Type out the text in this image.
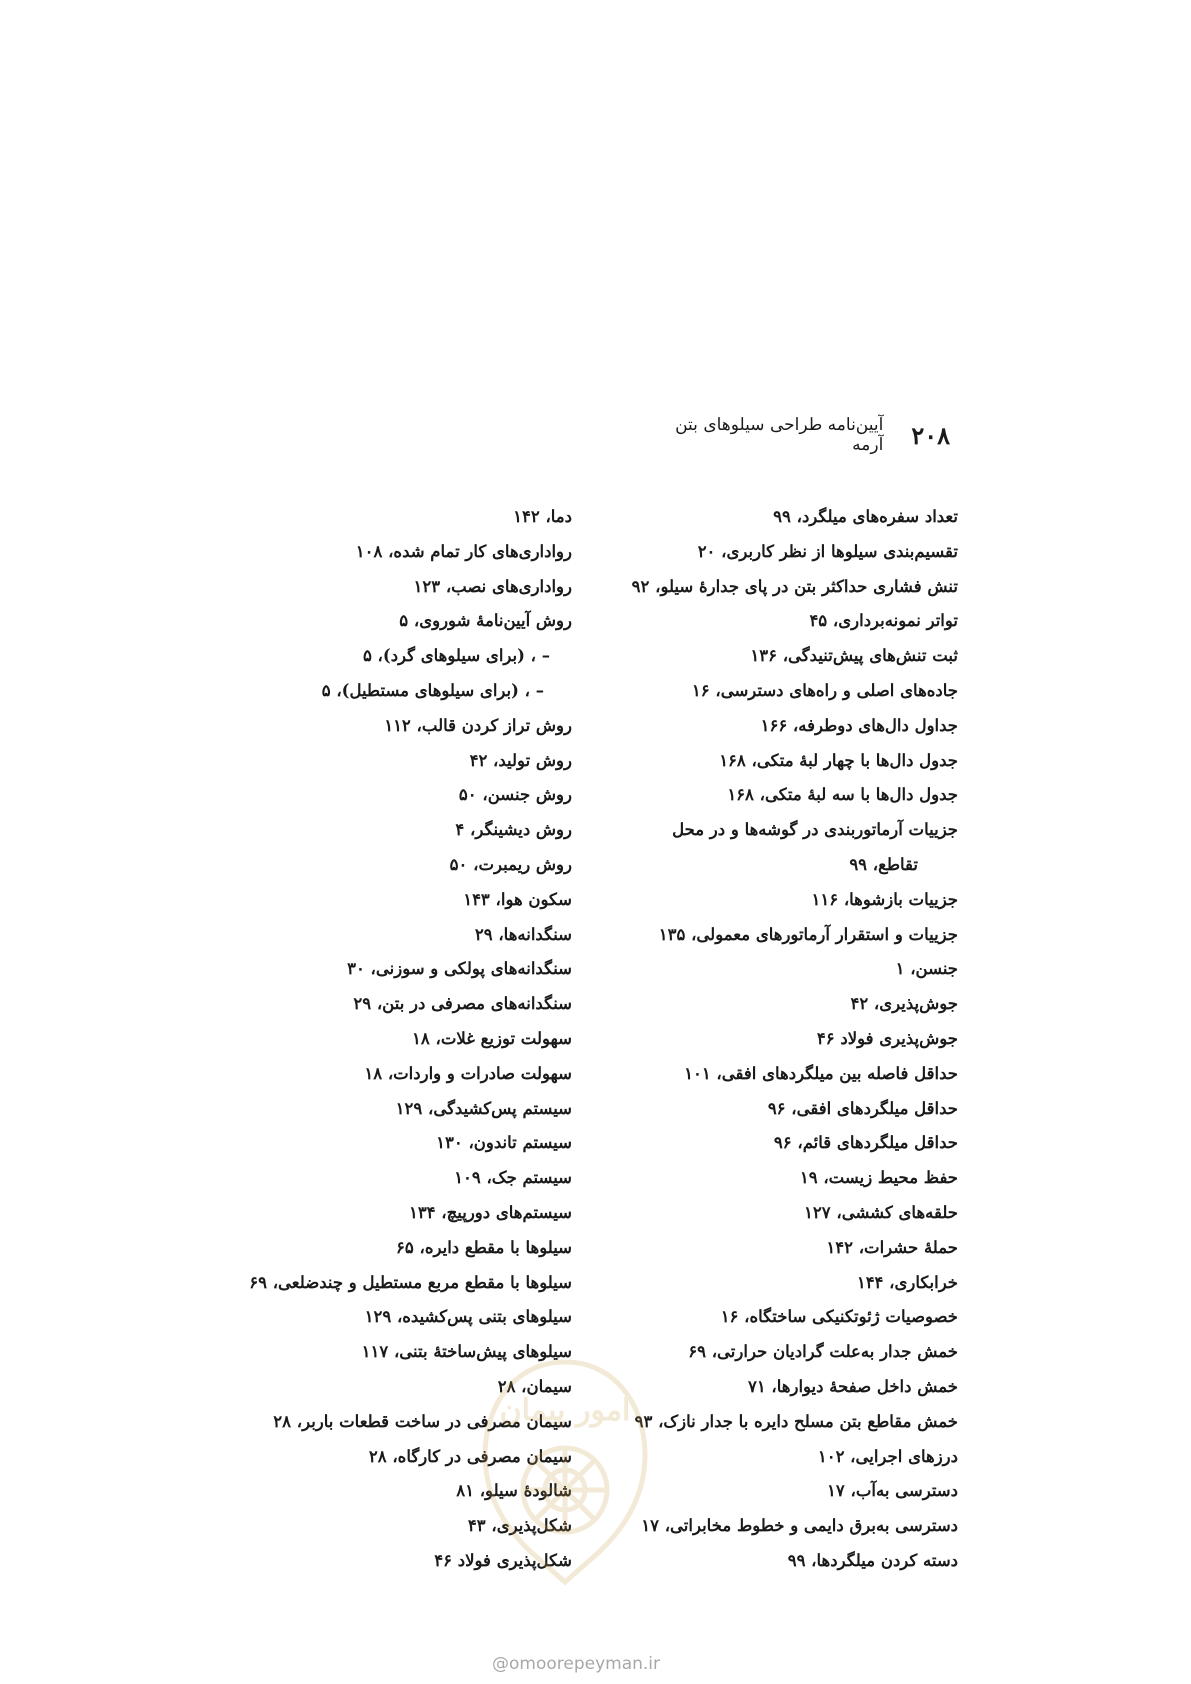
۲۰۸
آیین‌نامه طراحی سیلوهای بتن آرمه
تعداد سفره‌های میلگرد، ۹۹
تقسیم‌بندی سیلوها از نظر کاربری، ۲۰
تنش فشاری حداکثر بتن در پای جدارهٔ سیلو، ۹۲
تواتر نمونه‌برداری، ۴۵
ثبت تنش‌های پیش‌تنیدگی، ۱۳۶
جاده‌های اصلی و راه‌های دسترسی، ۱۶
جداول دال‌های دوطرفه، ۱۶۶
جدول دال‌ها با چهار لبهٔ متکی، ۱۶۸
جدول دال‌ها با سه لبهٔ متکی، ۱۶۸
جزییات آرماتوربندی در گوشه‌ها و در محل
تقاطع، ۹۹
جزییات بازشوها، ۱۱۶
جزییات و استقرار آرماتورهای معمولی، ۱۳۵
جنسن، ۱
جوش‌پذیری، ۴۲
جوش‌پذیری فولاد ۴۶
حداقل فاصله بین میلگردهای افقی، ۱۰۱
حداقل میلگردهای افقی، ۹۶
حداقل میلگردهای قائم، ۹۶
حفظ محیط زیست، ۱۹
حلقه‌های کششی، ۱۲۷
حملهٔ حشرات، ۱۴۲
خرابکاری، ۱۴۴
خصوصیات ژئوتکنیکی ساختگاه، ۱۶
خمش جدار به‌علت گرادیان حرارتی، ۶۹
خمش داخل صفحهٔ دیوارها، ۷۱
خمش مقاطع بتن مسلح دایره با جدار نازک، ۹۳
درزهای اجرایی، ۱۰۲
دسترسی به‌آب، ۱۷
دسترسی به‌برق دایمی و خطوط مخابراتی، ۱۷
دسته کردن میلگردها، ۹۹
دما، ۱۴۲
رواداری‌های کار تمام شده، ۱۰۸
رواداری‌های نصب، ۱۲۳
روش آیین‌نامهٔ شوروی، ۵
– ، (برای سیلوهای گرد)، ۵
– ، (برای سیلوهای مستطیل)، ۵
روش تراز کردن قالب، ۱۱۲
روش تولید، ۴۲
روش جنسن، ۵۰
روش دیشینگر، ۴
روش ریمبرت، ۵۰
سکون هوا، ۱۴۳
سنگدانه‌ها، ۲۹
سنگدانه‌های پولکی و سوزنی، ۳۰
سنگدانه‌های مصرفی در بتن، ۲۹
سهولت توزیع غلات، ۱۸
سهولت صادرات و واردات، ۱۸
سیستم پس‌کشیدگی، ۱۲۹
سیستم تاندون، ۱۳۰
سیستم جک، ۱۰۹
سیستم‌های دورپیچ، ۱۳۴
سیلوها با مقطع دایره، ۶۵
سیلوها با مقطع مربع مستطیل و چندضلعی، ۶۹
سیلوهای بتنی پس‌کشیده، ۱۲۹
سیلوهای پیش‌ساختهٔ بتنی، ۱۱۷
سیمان، ۲۸
سیمان مصرفی در ساخت قطعات باربر، ۲۸
سیمان مصرفی در کارگاه، ۲۸
شالودهٔ سیلو، ۸۱
شکل‌پذیری، ۴۳
شکل‌پذیری فولاد ۴۶
امور پیمان
@omoorepeyman.ir
